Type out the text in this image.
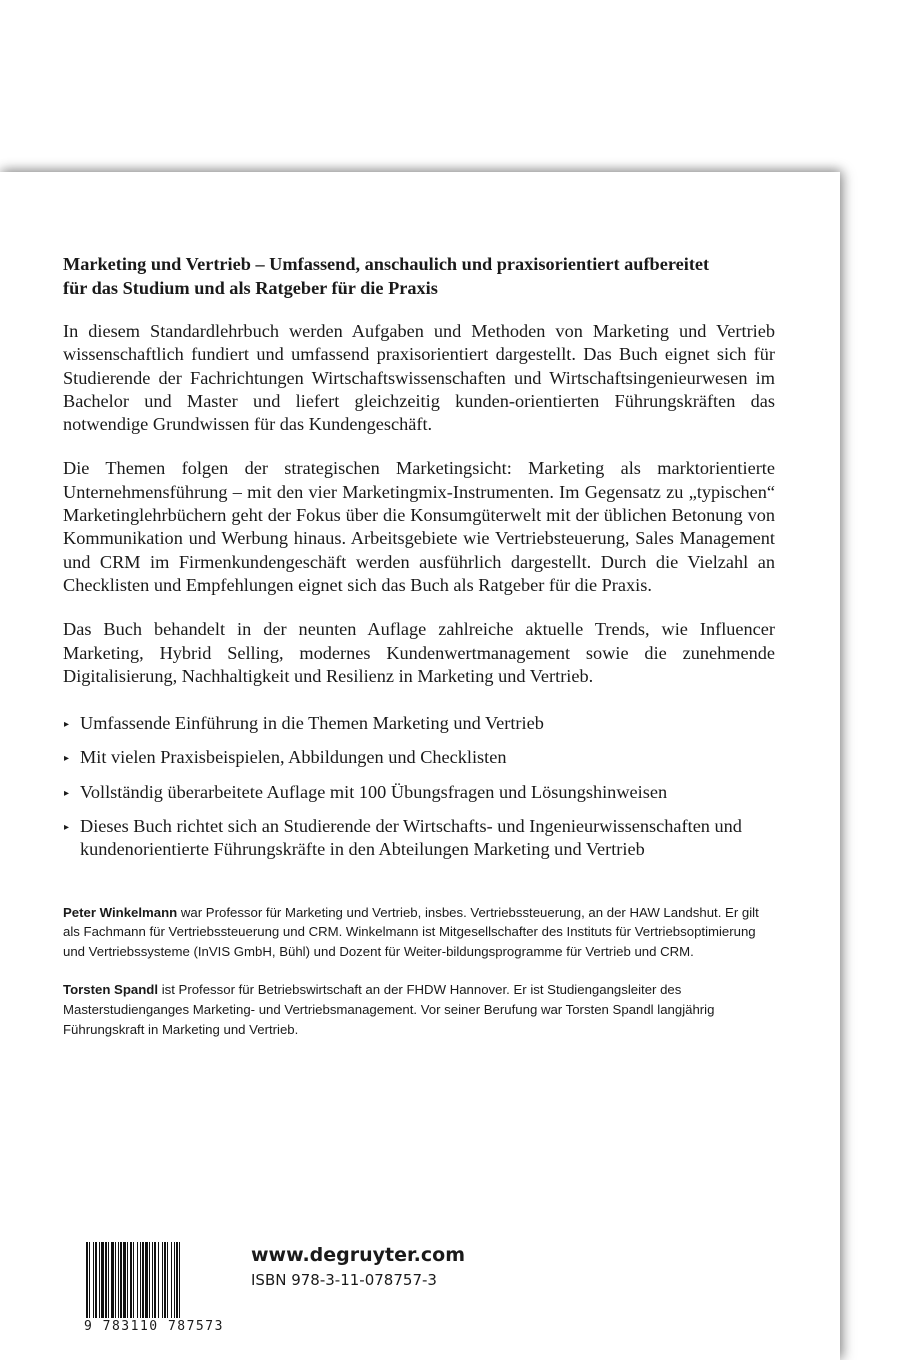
Marketing und Vertrieb – Umfassend, anschaulich und praxisorientiert aufbereitet
für das Studium und als Ratgeber für die Praxis

In diesem Standardlehrbuch werden Aufgaben und Methoden von Marketing und Vertrieb wissenschaftlich fundiert und umfassend praxisorientiert dargestellt. Das Buch eignet sich für Studierende der Fachrichtungen Wirtschaftswissenschaften und Wirtschaftsingenieurwesen im Bachelor und Master und liefert gleichzeitig kunden-orientierten Führungskräften das notwendige Grundwissen für das Kundengeschäft.

Die Themen folgen der strategischen Marketingsicht: Marketing als marktorientierte Unternehmensführung – mit den vier Marketingmix-Instrumenten. Im Gegensatz zu „typischen“ Marketinglehrbüchern geht der Fokus über die Konsumgüterwelt mit der üblichen Betonung von Kommunikation und Werbung hinaus. Arbeitsgebiete wie Vertriebsteuerung, Sales Management und CRM im Firmenkundengeschäft werden ausführlich dargestellt. Durch die Vielzahl an Checklisten und Empfehlungen eignet sich das Buch als Ratgeber für die Praxis.

Das Buch behandelt in der neunten Auflage zahlreiche aktuelle Trends, wie Influencer Marketing, Hybrid Selling, modernes Kundenwertmanagement sowie die zunehmende Digitalisierung, Nachhaltigkeit und Resilienz in Marketing und Vertrieb.

▸ Umfassende Einführung in die Themen Marketing und Vertrieb
▸ Mit vielen Praxisbeispielen, Abbildungen und Checklisten
▸ Vollständig überarbeitete Auflage mit 100 Übungsfragen und Lösungshinweisen
▸ Dieses Buch richtet sich an Studierende der Wirtschafts- und Ingenieurwissenschaften und kundenorientierte Führungskräfte in den Abteilungen Marketing und Vertrieb

Peter Winkelmann war Professor für Marketing und Vertrieb, insbes. Vertriebssteuerung, an der HAW Landshut. Er gilt als Fachmann für Vertriebssteuerung und CRM. Winkelmann ist Mitgesellschafter des Instituts für Vertriebsoptimierung und Vertriebssysteme (InVIS GmbH, Bühl) und Dozent für Weiter-bildungsprogramme für Vertrieb und CRM.

Torsten Spandl ist Professor für Betriebswirtschaft an der FHDW Hannover. Er ist Studiengangsleiter des Masterstudienganges Marketing- und Vertriebsmanagement. Vor seiner Berufung war Torsten Spandl langjährig Führungskraft in Marketing und Vertrieb.

9 783110 787573
www.degruyter.com
ISBN 978-3-11-078757-3
